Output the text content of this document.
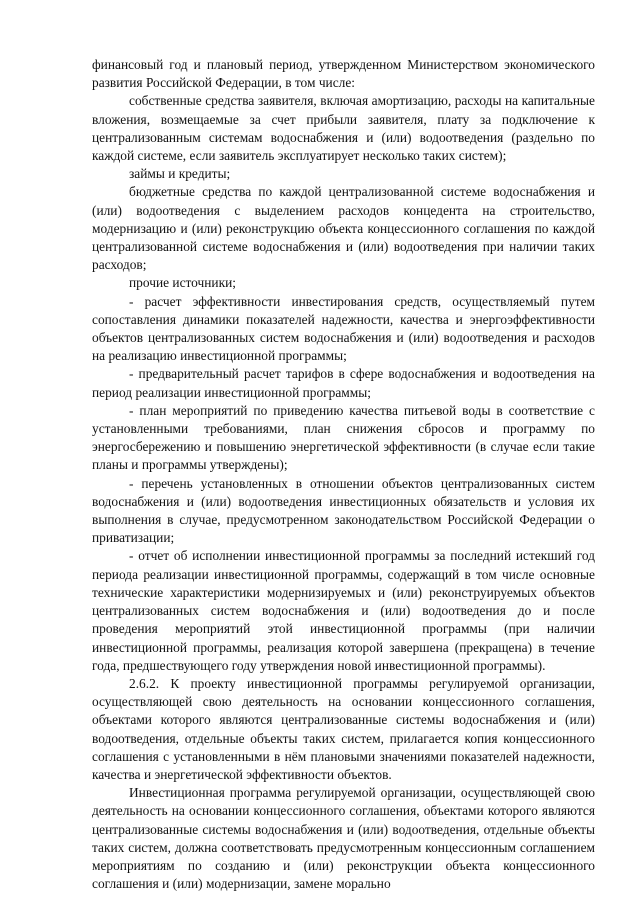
финансовый год и плановый период, утвержденном Министерством экономического развития Российской Федерации, в том числе:

собственные средства заявителя, включая амортизацию, расходы на капитальные вложения, возмещаемые за счет прибыли заявителя, плату за подключение к централизованным системам водоснабжения и (или) водоотведения (раздельно по каждой системе, если заявитель эксплуатирует несколько таких систем);

займы и кредиты;

бюджетные средства по каждой централизованной системе водоснабжения и (или) водоотведения с выделением расходов концедента на строительство, модернизацию и (или) реконструкцию объекта концессионного соглашения по каждой централизованной системе водоснабжения и (или) водоотведения при наличии таких расходов;

прочие источники;

- расчет эффективности инвестирования средств, осуществляемый путем сопоставления динамики показателей надежности, качества и энергоэффективности объектов централизованных систем водоснабжения и (или) водоотведения и расходов на реализацию инвестиционной программы;

- предварительный расчет тарифов в сфере водоснабжения и водоотведения на период реализации инвестиционной программы;

- план мероприятий по приведению качества питьевой воды в соответствие с установленными требованиями, план снижения сбросов и программу по энергосбережению и повышению энергетической эффективности (в случае если такие планы и программы утверждены);

- перечень установленных в отношении объектов централизованных систем водоснабжения и (или) водоотведения инвестиционных обязательств и условия их выполнения в случае, предусмотренном законодательством Российской Федерации о приватизации;

- отчет об исполнении инвестиционной программы за последний истекший год периода реализации инвестиционной программы, содержащий в том числе основные технические характеристики модернизируемых и (или) реконструируемых объектов централизованных систем водоснабжения и (или) водоотведения до и после проведения мероприятий этой инвестиционной программы (при наличии инвестиционной программы, реализация которой завершена (прекращена) в течение года, предшествующего году утверждения новой инвестиционной программы).

2.6.2. К проекту инвестиционной программы регулируемой организации, осуществляющей свою деятельность на основании концессионного соглашения, объектами которого являются централизованные системы водоснабжения и (или) водоотведения, отдельные объекты таких систем, прилагается копия концессионного соглашения с установленными в нём плановыми значениями показателей надежности, качества и энергетической эффективности объектов.

Инвестиционная программа регулируемой организации, осуществляющей свою деятельность на основании концессионного соглашения, объектами которого являются централизованные системы водоснабжения и (или) водоотведения, отдельные объекты таких систем, должна соответствовать предусмотренным концессионным соглашением мероприятиям по созданию и (или) реконструкции объекта концессионного соглашения и (или) модернизации, замене морально
